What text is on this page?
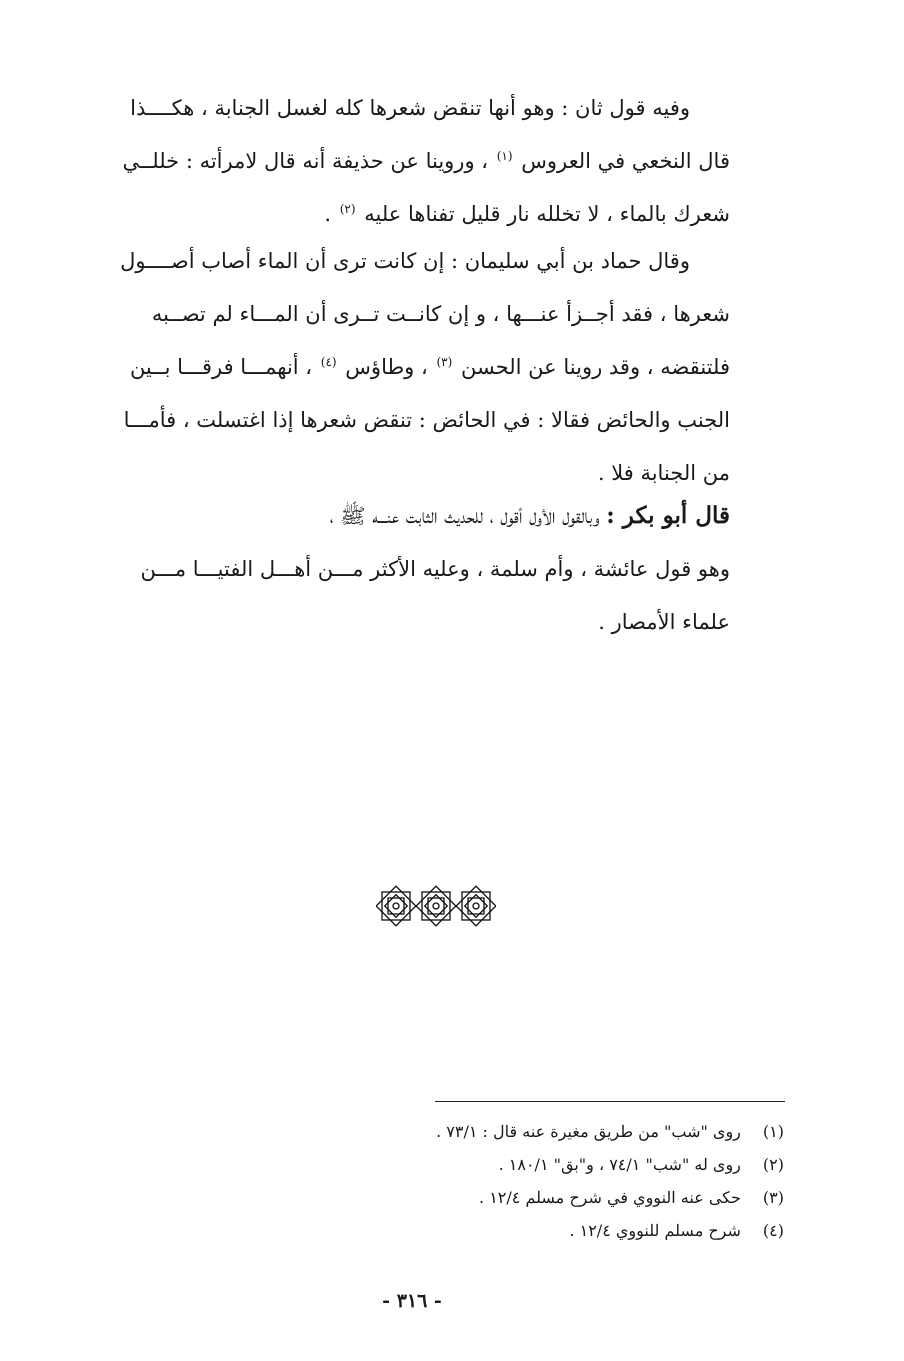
وفيه قول ثان : وهو أنها تنقض شعرها كله لغسل الجنابة ، هكــــذا

قال النخعي في العروس $^{(١)}$ ، وروينا عن حذيفة أنه قال لامرأته : خللــي

شعرك بالماء ، لا تخلله نار قليل تفناها عليه $^{(٢)}$ .

وقال حماد بن أبي سليمان : إن كانت ترى أن الماء أصاب أصــــول

شعرها ، فقد أجــزأ عنـــها ، و إن كانــت تــرى أن المـــاء لم تصــبه

فلتنقضه ، وقد روينا عن الحسن $^{(٣)}$ ، وطاؤس $^{(٤)}$ ، أنهمـــا فرقـــا بــين

الجنب والحائض فقالا : في الحائض : تنقض شعرها إذا اغتسلت ، فأمـــا

من الجنابة فلا .

قال أبو بكر : وبالقول الأول أقول ، للحديث الثابت عنـــه ﷺ ،

وهو قول عائشة ، وأم سلمة ، وعليه الأكثر مـــن أهـــل الفتيـــا مـــن

علماء الأمصار .

(١) روى "شب" من طريق مغيرة عنه قال : ٧٣/١ .
(٢) روى له "شب" ٧٤/١ ، و"بق" ١٨٠/١ .
(٣) حكى عنه النووي في شرح مسلم ١٢/٤ .
(٤) شرح مسلم للنووي ١٢/٤ .
- ٣١٦ -
